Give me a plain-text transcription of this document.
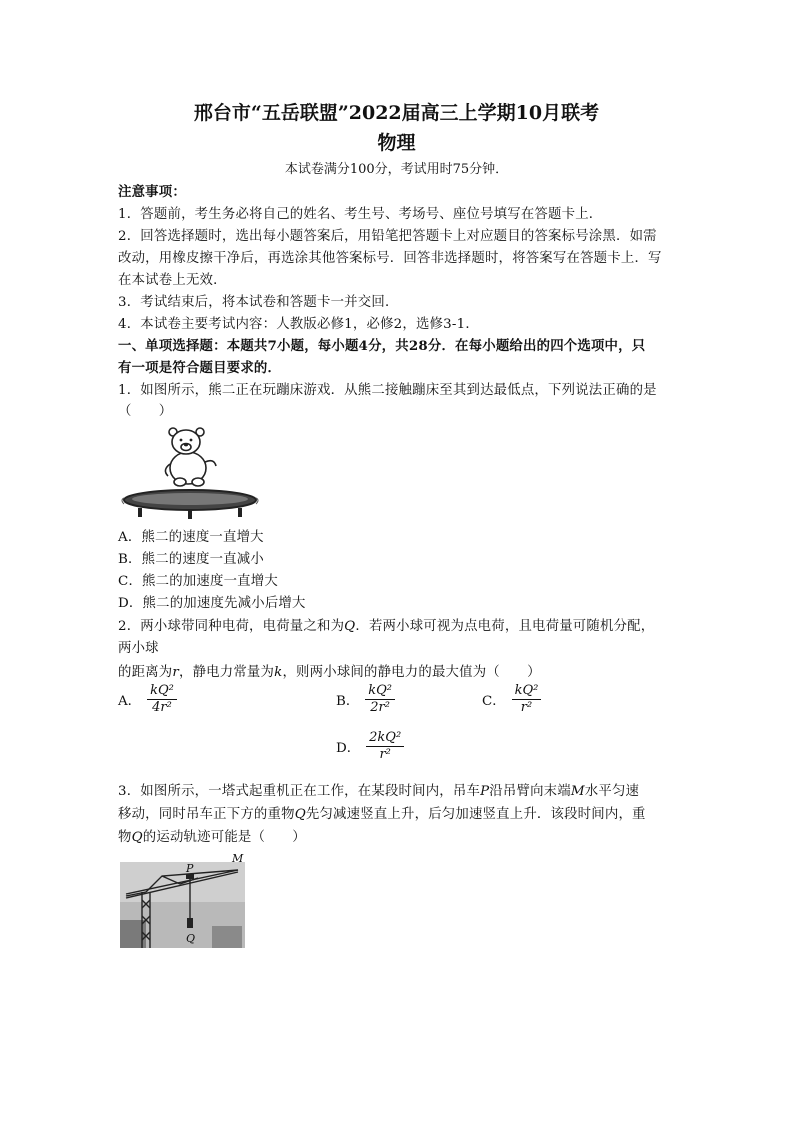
邢台市“五岳联盟”2022届高三上学期10月联考
物理
本试卷满分100分，考试用时75分钟．
注意事项：
1．答题前，考生务必将自己的姓名、考生号、考场号、座位号填写在答题卡上．
2．回答选择题时，选出每小题答案后，用铅笔把答题卡上对应题目的答案标号涂黑．如需
改动，用橡皮擦干净后，再选涂其他答案标号．回答非选择题时，将答案写在答题卡上．写
在本试卷上无效．
3．考试结束后，将本试卷和答题卡一并交回．
4．本试卷主要考试内容：人教版必修1，必修2，选修3-1．
一、单项选择题：本题共7小题，每小题4分，共28分．在每小题给出的四个选项中，只
有一项是符合题目要求的．
1．如图所示，熊二正在玩蹦床游戏．从熊二接触蹦床至其到达最低点，下列说法正确的是
（　　）
A．熊二的速度一直增大
B．熊二的速度一直减小
C．熊二的加速度一直增大
D．熊二的加速度先减小后增大
2．两小球带同种电荷，电荷量之和为Q．若两小球可视为点电荷，且电荷量可随机分配，
两小球
的距离为r，静电力常量为k，则两小球间的静电力的最大值为（　　）
A． $\frac{\text{kQ²}}{\text{4r²}}$	B． $\frac{\text{kQ²}}{\text{2r²}}$	C． $\frac{\text{kQ²}}{\text{r²}}$
D． $\frac{\text{2kQ²}}{\text{r²}}$
3．如图所示，一塔式起重机正在工作，在某段时间内，吊车P沿吊臂向末端M水平匀速
移动，同时吊车正下方的重物Q先匀减速竖直上升，后匀加速竖直上升．该段时间内，重
物Q的运动轨迹可能是（　　）
M
P
Q
